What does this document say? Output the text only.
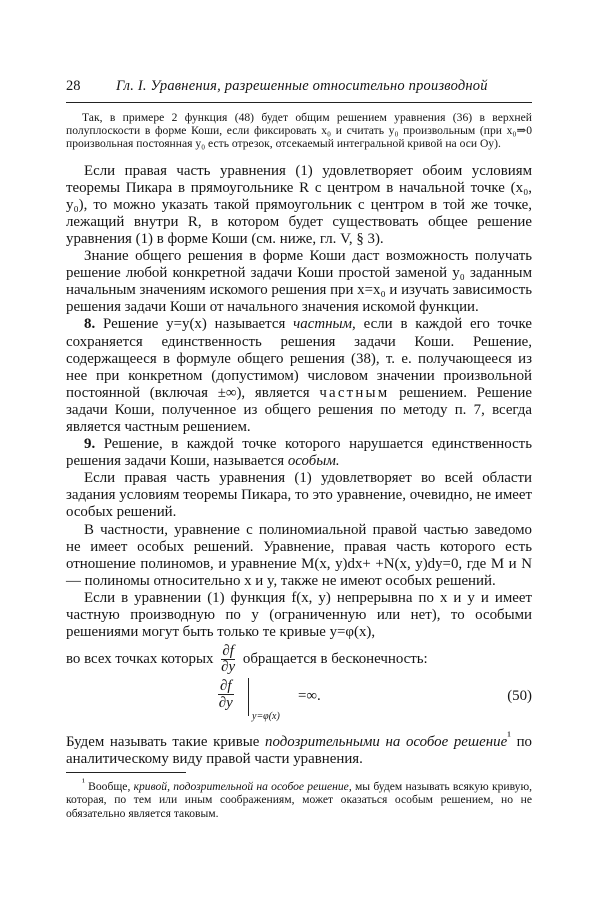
28 Гл. I. Уравнения, разрешенные относительно производной

Так, в примере 2 функция (48) будет общим решением уравнения (36) в верхней полуплоскости в форме Коши, если фиксировать x₀ и считать y₀ произвольным (при x₀⇒0 произвольная постоянная y₀ есть отрезок, отсекаемый интегральной кривой на оси Oy).

Если правая часть уравнения (1) удовлетворяет обоим условиям теоремы Пикара в прямоугольнике R с центром в начальной точке (x₀, y₀), то можно указать такой прямоугольник с центром в той же точке, лежащий внутри R, в котором будет существовать общее решение уравнения (1) в форме Коши (см. ниже, гл. V, § 3).

Знание общего решения в форме Коши даст возможность получать решение любой конкретной задачи Коши простой заменой y₀ заданным начальным значениям искомого решения при x=x₀ и изучать зависимость решения задачи Коши от начального значения искомой функции.

8. Решение y=y(x) называется частным, если в каждой его точке сохраняется единственность решения задачи Коши. Решение, содержащееся в формуле общего решения (38), т. е. получающееся из нее при конкретном (допустимом) числовом значении произвольной постоянной (включая ±∞), является частным решением. Решение задачи Коши, полученное из общего решения по методу п. 7, всегда является частным решением.

9. Решение, в каждой точке которого нарушается единственность решения задачи Коши, называется особым.

Если правая часть уравнения (1) удовлетворяет во всей области задания условиям теоремы Пикара, то это уравнение, очевидно, не имеет особых решений.

В частности, уравнение с полиномиальной правой частью заведомо не имеет особых решений. Уравнение, правая часть которого есть отношение полиномов, и уравнение M(x, y)dx+ +N(x, y)dy=0, где M и N — полиномы относительно x и y, также не имеют особых решений.

Если в уравнении (1) функция f(x, y) непрерывна по x и y и имеет частную производную по y (ограниченную или нет), то особыми решениями могут быть только те кривые y=φ(x),

во всех точках которых $\frac{\partial f}{\partial y}$ обращается в бесконечность:
$\frac{\partial f}{\partial y}$
y=φ(x)
=∞.	(50)

Будем называть такие кривые подозрительными на особое решение$^{^1}$ по аналитическому виду правой части уравнения.

$^{^1}$ Вообще, кривой, подозрительной на особое решение, мы будем называть всякую кривую, которая, по тем или иным соображениям, может оказаться особым решением, но не обязательно является таковым.
